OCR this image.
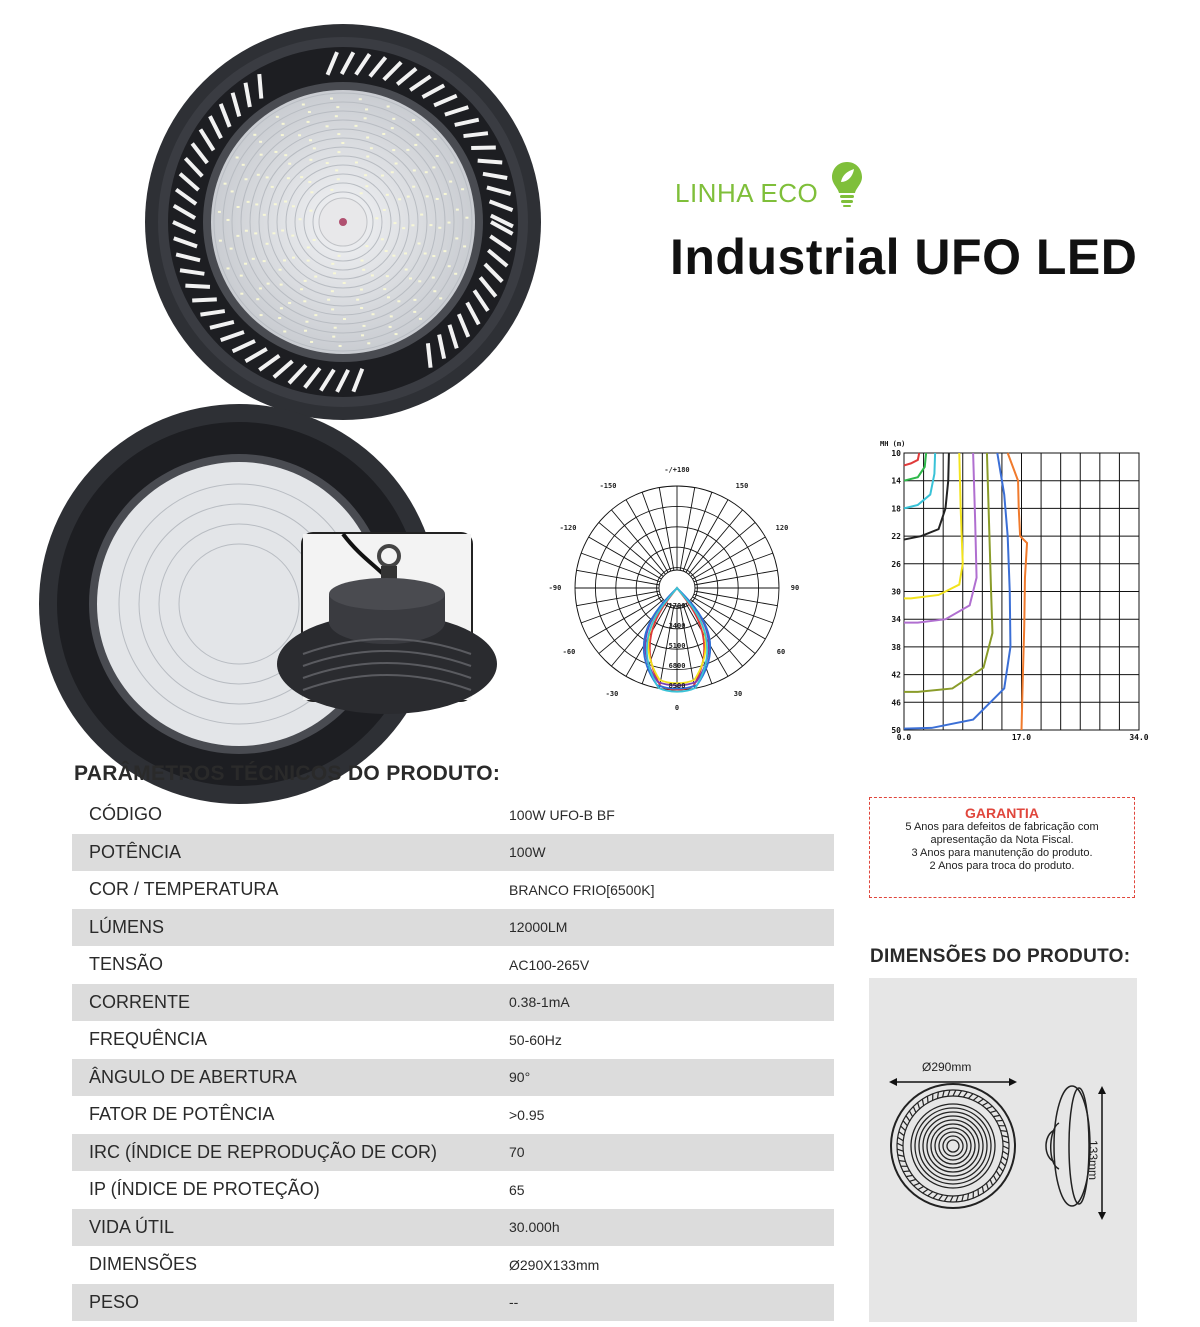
LINHA ECO
Industrial UFO LED
-/+180
-150	150
-120	120
-90	90
-60	60
-30	30
0
1700
3400
5100
6800
8500
MH (m)
10
14
18
22
26
30
34
38
42
46
50
0.0	17.0	34.0
PARÂMETROS TÉCNICOS DO PRODUTO:
CÓDIGO	100W UFO-B BF
POTÊNCIA	100W
COR / TEMPERATURA	BRANCO FRIO[6500K]
LÚMENS	12000LM
TENSÃO	AC100-265V
CORRENTE	0.38-1mA
FREQUÊNCIA	50-60Hz
ÂNGULO DE ABERTURA	90°
FATOR DE POTÊNCIA	>0.95
IRC (ÍNDICE DE REPRODUÇÃO DE COR)	70
IP (ÍNDICE DE PROTEÇÃO)	65
VIDA ÚTIL	30.000h
DIMENSÕES	Ø290X133mm
PESO	--
GARANTIA
5 Anos para defeitos de fabricação com
apresentação da Nota Fiscal.
3 Anos para manutenção do produto.
2 Anos para troca do produto.
DIMENSÕES DO PRODUTO:
Ø290mm
133mm
